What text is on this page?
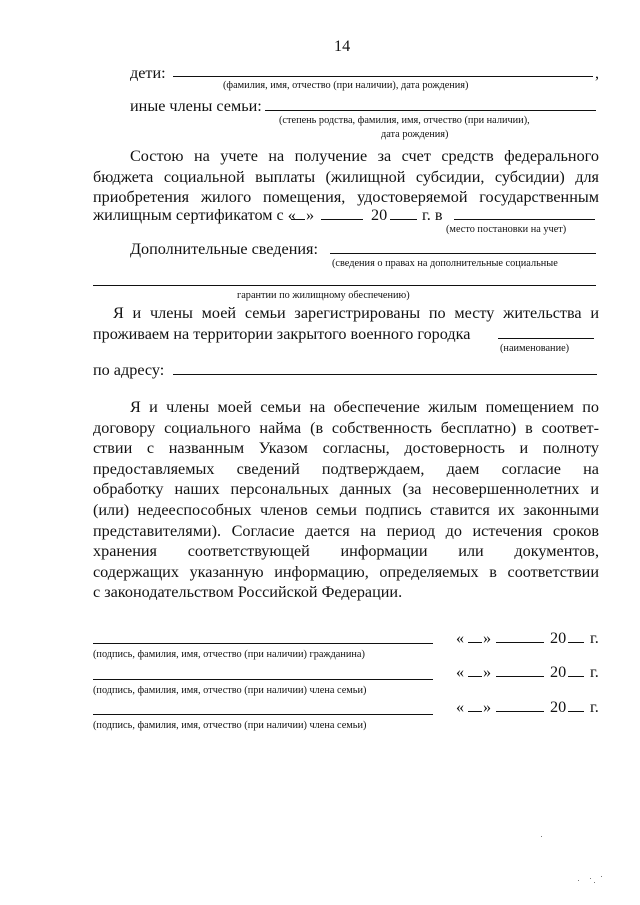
14
дети:	,
(фамилия, имя, отчество (при наличии), дата рождения)
иные члены семьи:
(степень родства, фамилия, имя, отчество (при наличии),
дата рождения)
Состою на учете на получение за счет средств федерального
бюджета социальной выплаты (жилищной субсидии, субсидии) для
приобретения жилого помещения, удостоверяемой государственным
жилищным сертификатом с « »	20 г. в
(место постановки на учет)
Дополнительные сведения:
(сведения о правах на дополнительные социальные
гарантии по жилищному обеспечению)
Я и члены моей семьи зарегистрированы по месту жительства и
проживаем на территории закрытого военного городка
(наименование)
по адресу:
Я и члены моей семьи на обеспечение жилым помещением по
договору социального найма (в собственность бесплатно) в соответ-
ствии с названным Указом согласны, достоверность и полноту
предоставляемых сведений подтверждаем, даем согласие на
обработку наших персональных данных (за несовершеннолетних и
(или) недееспособных членов семьи подпись ставится их законными
представителями). Согласие дается на период до истечения сроков
хранения соответствующей информации или документов,
содержащих указанную информацию, определяемых в соответствии
с законодательством Российской Федерации.
(подпись, фамилия, имя, отчество (при наличии) гражданина)
« »	20 г.
« »	20 г.
(подпись, фамилия, имя, отчество (при наличии) члена семьи)
« »	20 г.
(подпись, фамилия, имя, отчество (при наличии) члена семьи)
